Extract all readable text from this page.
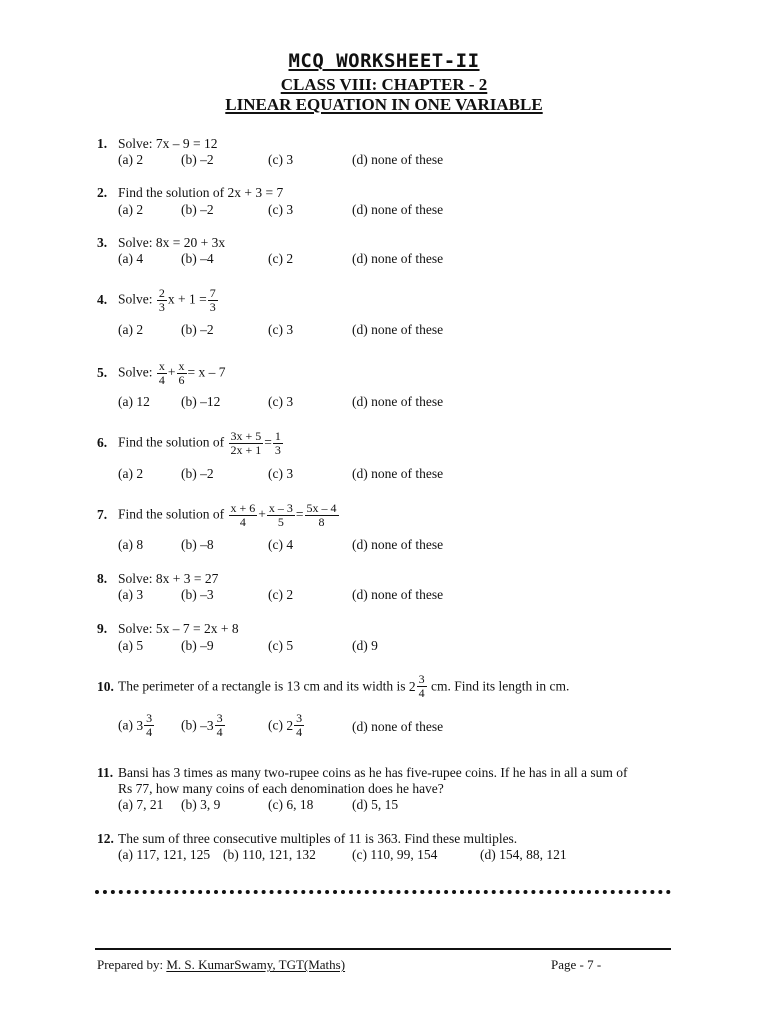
MCQ WORKSHEET-II
CLASS VIII: CHAPTER - 2
LINEAR EQUATION IN ONE VARIABLE
1. Solve: 7x – 9 = 12
(a) 2	(b) –2	(c) 3	(d) none of these
2. Find the solution of 2x + 3 = 7
(a) 2	(b) –2	(c) 3	(d) none of these
3. Solve: 8x = 20 + 3x
(a) 4	(b) –4	(c) 2	(d) none of these
4. Solve: $\frac{2}{3}$ $x + 1 = \frac{7}{3}$
(a) 2	(b) –2	(c) 3	(d) none of these
5. Solve: $\frac{x}{4} + \frac{x}{6} = x - 7$
(a) 12 (b) –12	(c) 3	(d) none of these
6. Find the solution of $\frac{3x + 5}{2x + 1} = \frac{1}{3}$
(a) 2	(b) –2	(c) 3	(d) none of these
7. Find the solution of $\frac{x + 6}{4} + \frac{x - 3}{5} = \frac{5x - 4}{8}$
(a) 8	(b) –8	(c) 4	(d) none of these
8. Solve: 8x + 3 = 27
(a) 3	(b) –3	(c) 2	(d) none of these
9. Solve: 5x – 7 = 2x + 8
(a) 5	(b) –9	(c) 5	(d) 9
10. The perimeter of a rectangle is 13 cm and its width is $2 \frac{3}{4}$ cm. Find its length in cm.
(a) $3 \frac{3}{4} (b)$ $-3 \frac{3}{4}$	(c) $2 \frac{3}{4}$	(d) none of these
11. Bansi has 3 times as many two-rupee coins as he has five-rupee coins. If he has in all a sum of
Rs 77, how many coins of each denomination does he have?
(a) 7, 21 (b) 3, 9	(c) 6, 18	(d) 5, 15
12. The sum of three consecutive multiples of 11 is 363. Find these multiples.
(a) 117, 121, 125 (b) 110, 121, 132	(c) 110, 99, 154	(d) 154, 88, 121
Prepared by: M. S. KumarSwamy, TGT(Maths)	Page - 7 -
